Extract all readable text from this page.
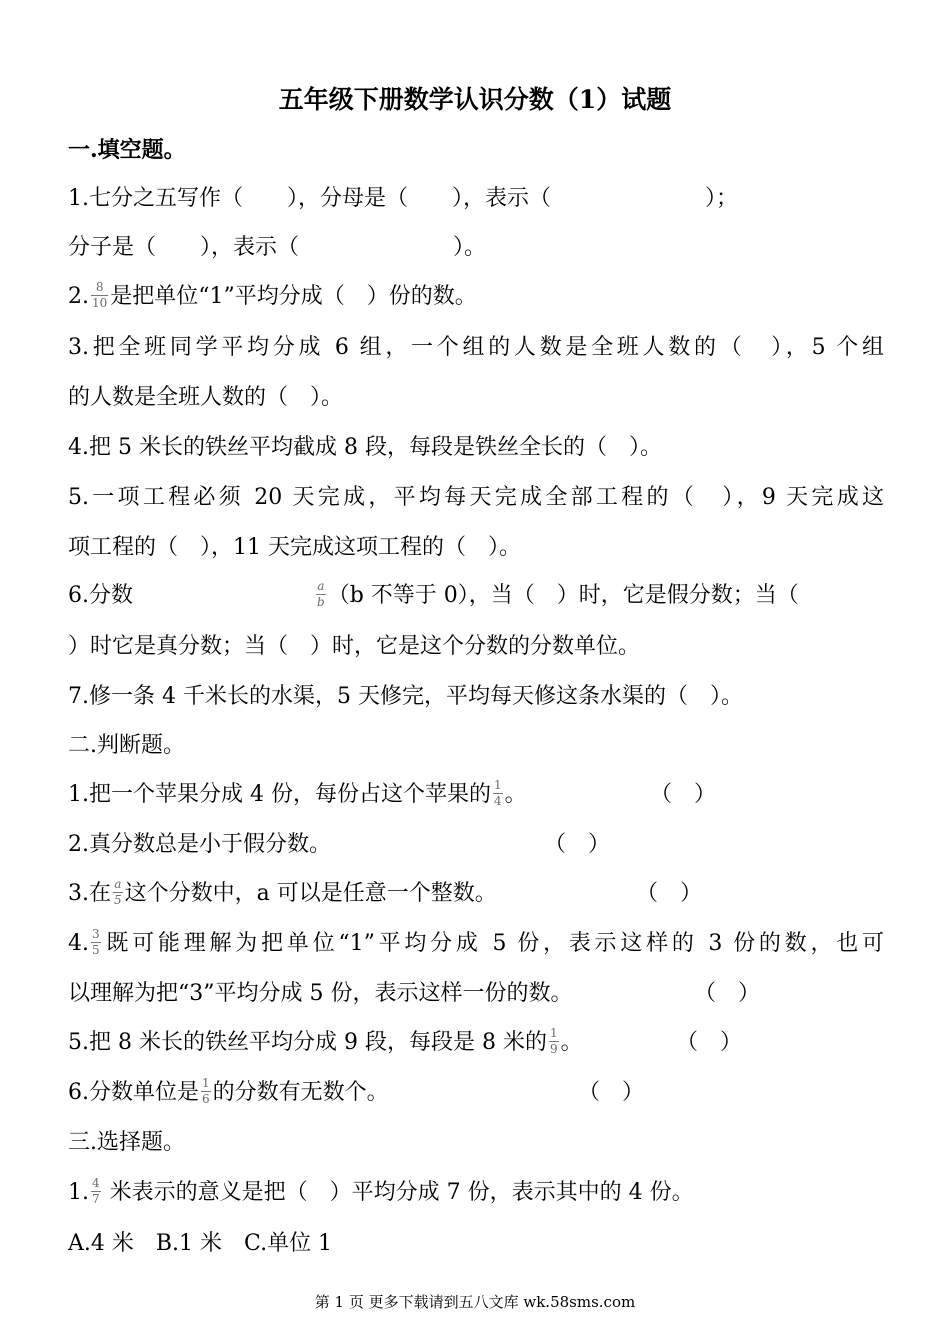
五年级下册数学认识分数（1）试题
一.填空题。
1.七分之五写作（　　），分母是（　　），表示（　　　　　　　）；
分子是（　　），表示（　　　　　　　）。
2. $\frac{8}{10}$ 是把单位“1”平均分成（　）份的数。
3.把全班同学平均分成 6 组，一个组的人数是全班人数的（　），5 个组
的人数是全班人数的（　）。
4.把 5 米长的铁丝平均截成 8 段，每段是铁丝全长的（　）。
5.一项工程必须 20 天完成，平均每天完成全部工程的（　），9 天完成这
项工程的（　），11 天完成这项工程的（　）。
6.分数	$\frac{a}{b} (b$ 不等于 0），当（　）时，它是假分数；当（
）时它是真分数；当（　）时，它是这个分数的分数单位。
7.修一条 4 千米长的水渠，5 天修完，平均每天修这条水渠的（　）。
二.判断题。
1.把一个苹果分成 4 份，每份占这个苹果的 $\frac{1}{4}$ 。	（　）
2.真分数总是小于假分数。	（　）
3.在 $\frac{a}{5}$ 这个分数中，a 可以是任意一个整数。	（　）
4. $\frac{3}{5}$ 既可能理解为把单位“1”平均分成 5 份，表示这样的 3 份的数，也可
以理解为把“3”平均分成 5 份，表示这样一份的数。	（　）
5.把 8 米长的铁丝平均分成 9 段，每段是 8 米的 $\frac{1}{9}$ 。	（　）
6.分数单位是 $\frac{1}{6}$ 的分数有无数个。	（　）
三.选择题。
1. $\frac{4}{7}$ 米表示的意义是把（　）平均分成 7 份，表示其中的 4 份。
A.4 米　B.1 米　C.单位 1
第 1 页 更多下载请到五八文库 wk.58sms.com
